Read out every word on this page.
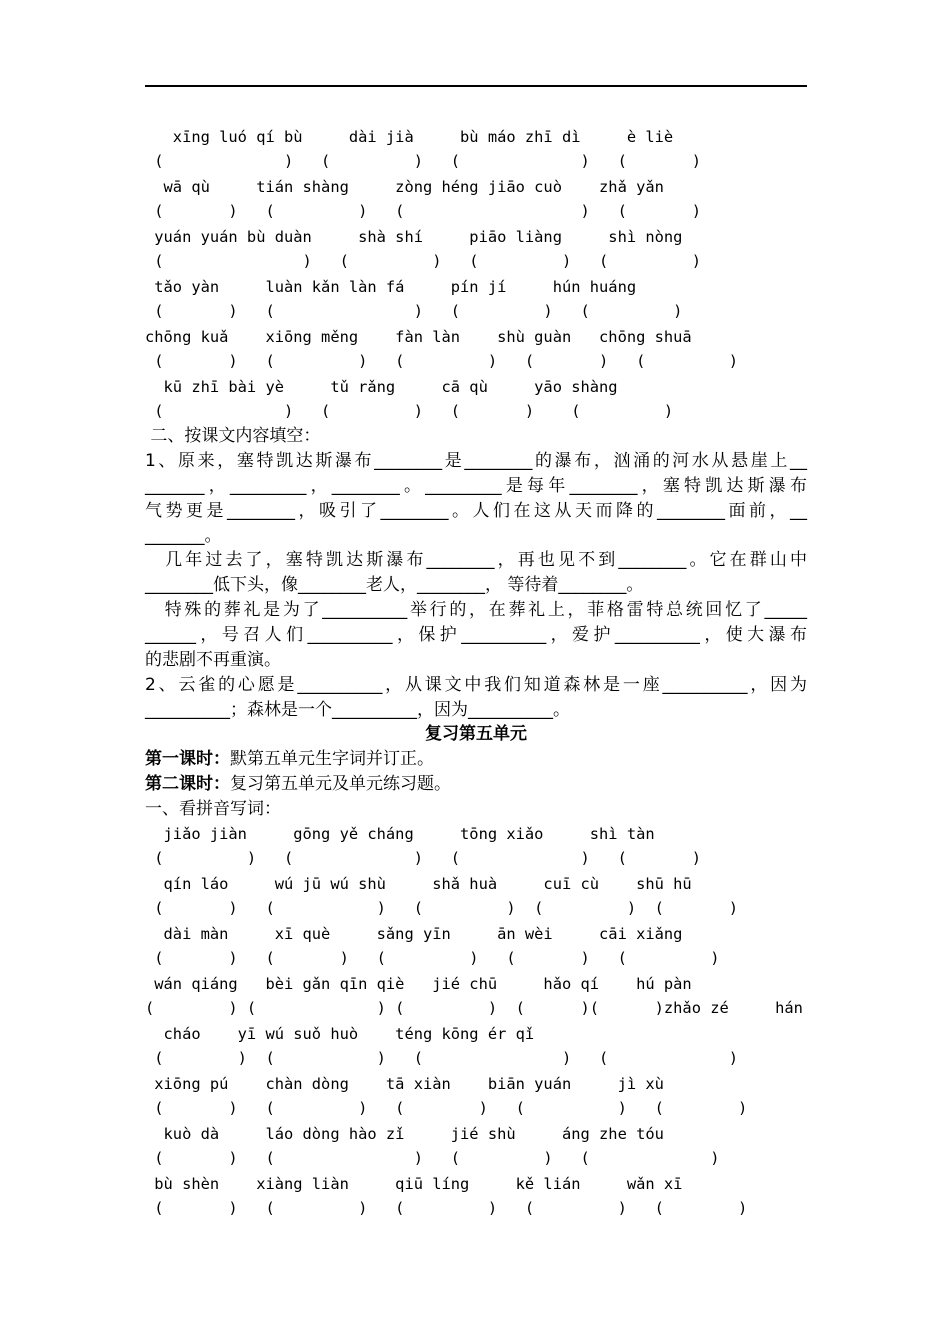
xīng luó qí bù     dài jià     bù máo zhī dì     è liè
(             )   (         )   (             )   (       )
wā qù     tián shàng     zòng héng jiāo cuò    zhǎ yǎn
(       )   (         )   (                   )   (       )
yuán yuán bù duàn     shà shí     piāo liàng     shì nòng
(               )   (         )   (         )   (         )
tǎo yàn     luàn kǎn làn fá     pín jí     hún huáng
(       )   (               )   (         )   (         )
chōng kuǎ    xiōng měng    fàn làn    shù guàn   chōng shuā
(       )   (         )   (         )   (       )   (         )
kū zhī bài yè     tǔ rǎng     cā qù     yāo shàng
(             )   (         )   (       )    (         )
二、按课文内容填空：
1、原来，塞特凯达斯瀑布________是________的瀑布，汹涌的河水从悬崖上__
_______，_________，________。_________是每年________，塞特凯达斯瀑布
气势更是________，吸引了________。人们在这从天而降的________面前，__
_______。
　几年过去了，塞特凯达斯瀑布________，再也见不到________。它在群山中
________低下头，像________老人，________， 等待着________。
　特殊的葬礼是为了__________举行的，在葬礼上，菲格雷特总统回忆了_____
______，号召人们__________，保护__________，爱护__________，使大瀑布
的悲剧不再重演。
2、云雀的心愿是__________，从课文中我们知道森林是一座__________，因为
__________；森林是一个__________，因为__________。
复习第五单元
第一课时：默第五单元生字词并订正。
第二课时：复习第五单元及单元练习题。
一、看拼音写词：
jiǎo jiàn     gōng yě cháng     tōng xiǎo     shì tàn
(         )   (             )   (             )   (       )
qín láo     wú jū wú shù     shǎ huà     cuī cù    shū hū
(       )   (           )   (         )  (         )  (       )
dài màn     xī què     sǎng yīn     ān wèi     cāi xiǎng
(       )   (       )   (         )   (       )   (         )
wán qiáng   bèi gǎn qīn qiè   jié chū     hǎo qí    hú pàn
(        ) (             ) (         )  (      )(      )zhǎo zé     hán
cháo    yī wú suǒ huò    téng kōng ér qǐ
(        )  (           )   (               )   (             )
xiōng pú    chàn dòng    tā xiàn    biān yuán     jì xù
(       )   (         )   (        )   (          )   (        )
kuò dà     láo dòng hào zǐ     jié shù     áng zhe tóu
(       )   (               )   (         )   (             )
bù shèn    xiàng liàn     qiū líng     kě lián     wǎn xī
(       )   (         )   (         )   (         )   (        )
